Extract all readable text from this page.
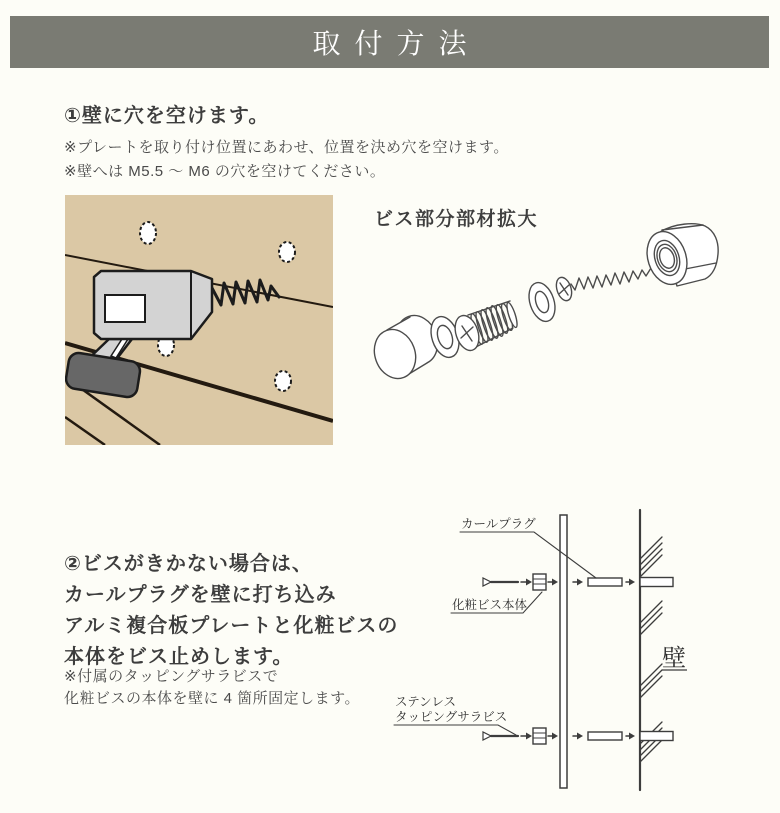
取付方法
①壁に穴を空けます。
※プレートを取り付け位置にあわせ、位置を決め穴を空けます。
※壁へは M5.5 ～ M6 の穴を空けてください。
ビス部分部材拡大
②ビスがきかない場合は、
カールプラグを壁に打ち込み
アルミ複合板プレートと化粧ビスの
本体をビス止めします。
※付属のタッピングサラビスで
化粧ビスの本体を壁に 4 箇所固定します。
カールプラグ
化粧ビス本体
ステンレス
タッピングサラビス
壁
